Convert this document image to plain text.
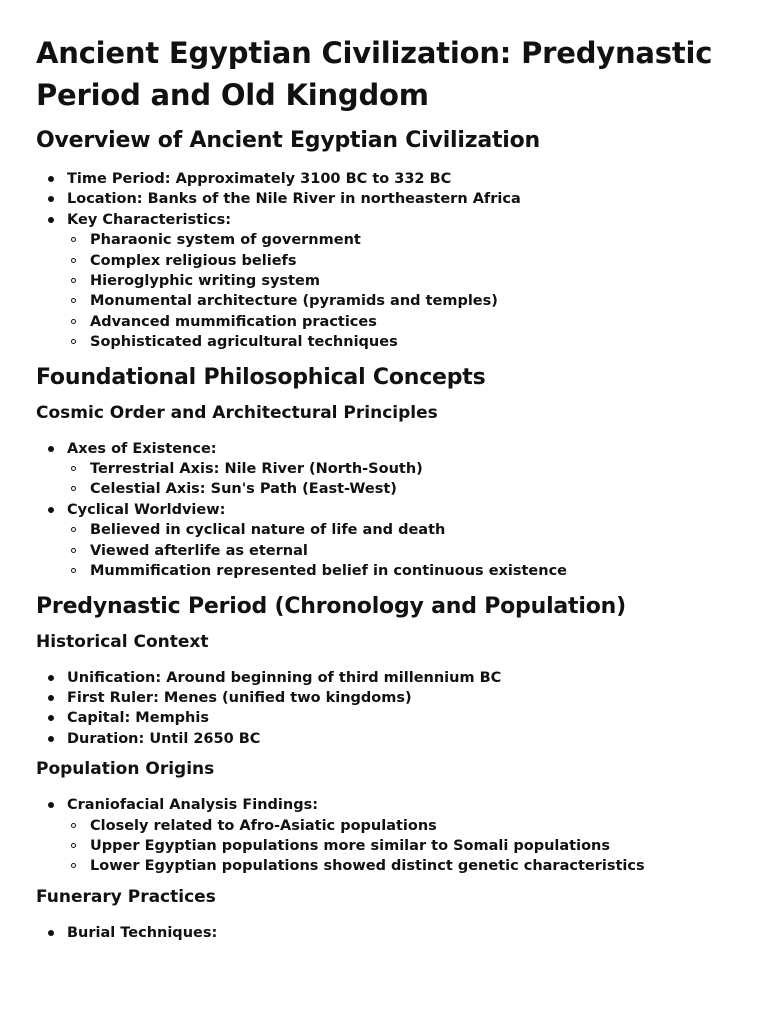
Ancient Egyptian Civilization: Predynastic Period and Old Kingdom
Overview of Ancient Egyptian Civilization
Time Period: Approximately 3100 BC to 332 BC
Location: Banks of the Nile River in northeastern Africa
Key Characteristics:
Pharaonic system of government
Complex religious beliefs
Hieroglyphic writing system
Monumental architecture (pyramids and temples)
Advanced mummification practices
Sophisticated agricultural techniques
Foundational Philosophical Concepts
Cosmic Order and Architectural Principles
Axes of Existence:
Terrestrial Axis: Nile River (North-South)
Celestial Axis: Sun's Path (East-West)
Cyclical Worldview:
Believed in cyclical nature of life and death
Viewed afterlife as eternal
Mummification represented belief in continuous existence
Predynastic Period (Chronology and Population)
Historical Context
Unification: Around beginning of third millennium BC
First Ruler: Menes (unified two kingdoms)
Capital: Memphis
Duration: Until 2650 BC
Population Origins
Craniofacial Analysis Findings:
Closely related to Afro-Asiatic populations
Upper Egyptian populations more similar to Somali populations
Lower Egyptian populations showed distinct genetic characteristics
Funerary Practices
Burial Techniques:
